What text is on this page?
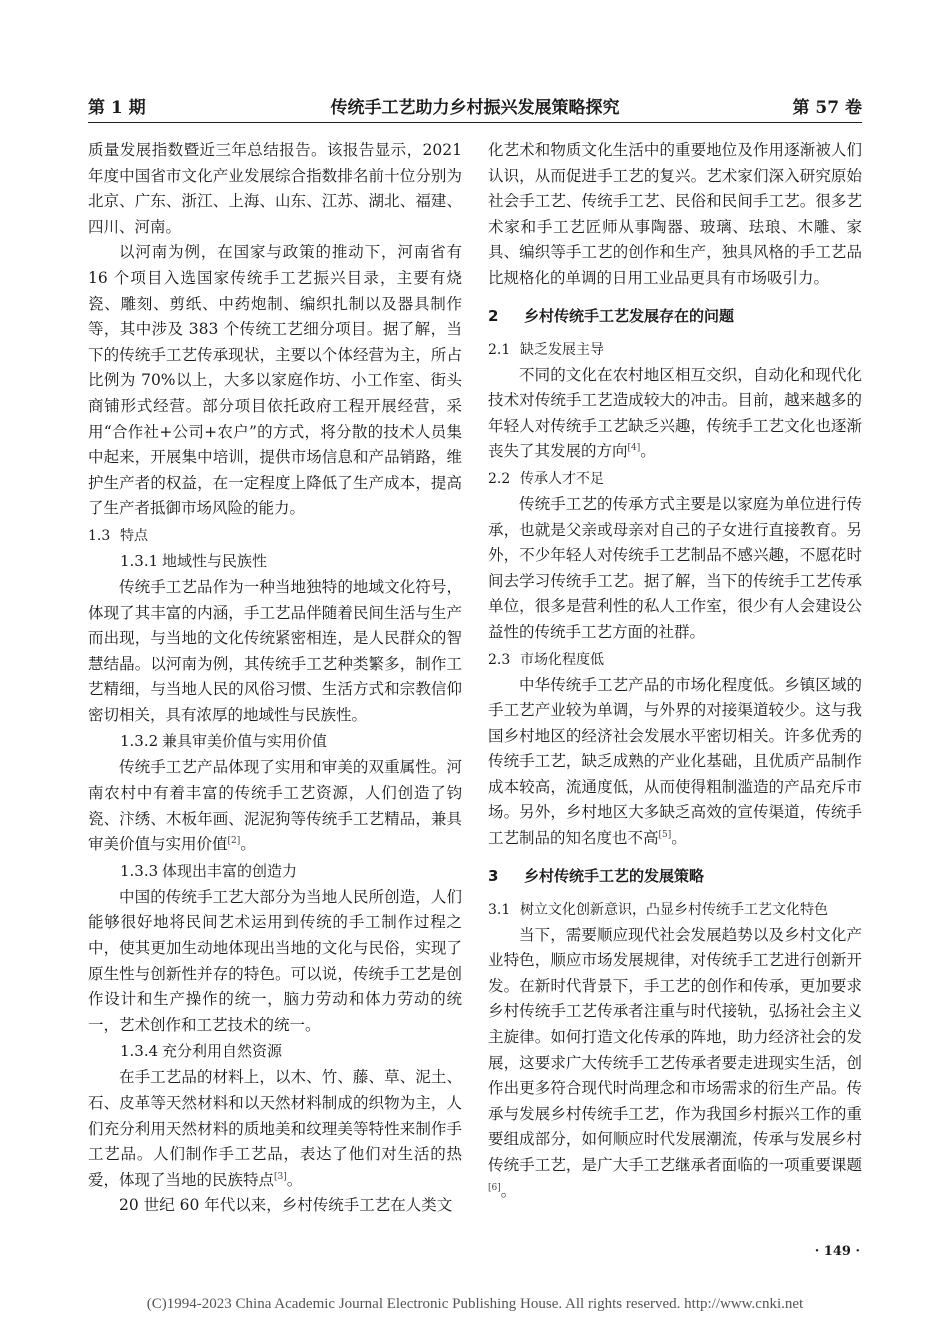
第 1 期	传统手工艺助力乡村振兴发展策略探究	第 57 卷

质量发展指数暨近三年总结报告。该报告显示，2021 年度中国省市文化产业发展综合指数排名前十位分别为北京、广东、浙江、上海、山东、江苏、湖北、福建、四川、河南。

以河南为例，在国家与政策的推动下，河南省有 16 个项目入选国家传统手工艺振兴目录，主要有烧瓷、雕刻、剪纸、中药炮制、编织扎制以及器具制作等，其中涉及 383 个传统工艺细分项目。据了解，当下的传统手工艺传承现状，主要以个体经营为主，所占比例为 70%以上，大多以家庭作坊、小工作室、街头商铺形式经营。部分项目依托政府工程开展经营，采用“合作社+公司+农户”的方式，将分散的技术人员集中起来，开展集中培训，提供市场信息和产品销路，维护生产者的权益，在一定程度上降低了生产成本，提高了生产者抵御市场风险的能力。

1.3 特点
1.3.1 地域性与民族性

传统手工艺品作为一种当地独特的地域文化符号，体现了其丰富的内涵，手工艺品伴随着民间生活与生产而出现，与当地的文化传统紧密相连，是人民群众的智慧结晶。以河南为例，其传统手工艺种类繁多，制作工艺精细，与当地人民的风俗习惯、生活方式和宗教信仰密切相关，具有浓厚的地域性与民族性。

1.3.2 兼具审美价值与实用价值

传统手工艺产品体现了实用和审美的双重属性。河南农村中有着丰富的传统手工艺资源，人们创造了钧瓷、汴绣、木板年画、泥泥狗等传统手工艺精品，兼具审美价值与实用价值[2]。

1.3.3 体现出丰富的创造力

中国的传统手工艺大部分为当地人民所创造，人们能够很好地将民间艺术运用到传统的手工制作过程之中，使其更加生动地体现出当地的文化与民俗，实现了原生性与创新性并存的特色。可以说，传统手工艺是创作设计和生产操作的统一，脑力劳动和体力劳动的统一，艺术创作和工艺技术的统一。

1.3.4 充分利用自然资源

在手工艺品的材料上，以木、竹、藤、草、泥土、石、皮革等天然材料和以天然材料制成的织物为主，人们充分利用天然材料的质地美和纹理美等特性来制作手工艺品。人们制作手工艺品，表达了他们对生活的热爱，体现了当地的民族特点[3]。

20 世纪 60 年代以来，乡村传统手工艺在人类文

化艺术和物质文化生活中的重要地位及作用逐渐被人们认识，从而促进手工艺的复兴。艺术家们深入研究原始社会手工艺、传统手工艺、民俗和民间手工艺。很多艺术家和手工艺匠师从事陶器、玻璃、珐琅、木雕、家具、编织等手工艺的创作和生产，独具风格的手工艺品比规格化的单调的日用工业品更具有市场吸引力。

2 乡村传统手工艺发展存在的问题
2.1 缺乏发展主导

不同的文化在农村地区相互交织，自动化和现代化技术对传统手工艺造成较大的冲击。目前，越来越多的年轻人对传统手工艺缺乏兴趣，传统手工艺文化也逐渐丧失了其发展的方向[4]。

2.2 传承人才不足

传统手工艺的传承方式主要是以家庭为单位进行传承，也就是父亲或母亲对自己的子女进行直接教育。另外，不少年轻人对传统手工艺制品不感兴趣，不愿花时间去学习传统手工艺。据了解，当下的传统手工艺传承单位，很多是营利性的私人工作室，很少有人会建设公益性的传统手工艺方面的社群。

2.3 市场化程度低

中华传统手工艺产品的市场化程度低。乡镇区域的手工艺产业较为单调，与外界的对接渠道较少。这与我国乡村地区的经济社会发展水平密切相关。许多优秀的传统手工艺，缺乏成熟的产业化基础，且优质产品制作成本较高，流通度低，从而使得粗制滥造的产品充斥市场。另外，乡村地区大多缺乏高效的宣传渠道，传统手工艺制品的知名度也不高[5]。

3 乡村传统手工艺的发展策略
3.1 树立文化创新意识，凸显乡村传统手工艺文化特色

当下，需要顺应现代社会发展趋势以及乡村文化产业特色，顺应市场发展规律，对传统手工艺进行创新开发。在新时代背景下，手工艺的创作和传承，更加要求乡村传统手工艺传承者注重与时代接轨，弘扬社会主义主旋律。如何打造文化传承的阵地，助力经济社会的发展，这要求广大传统手工艺传承者要走进现实生活，创作出更多符合现代时尚理念和市场需求的衍生产品。传承与发展乡村传统手工艺，作为我国乡村振兴工作的重要组成部分，如何顺应时代发展潮流，传承与发展乡村传统手工艺，是广大手工艺继承者面临的一项重要课题[6]。

· 149 ·
(C)1994-2023 China Academic Journal Electronic Publishing House. All rights reserved. http://www.cnki.net
